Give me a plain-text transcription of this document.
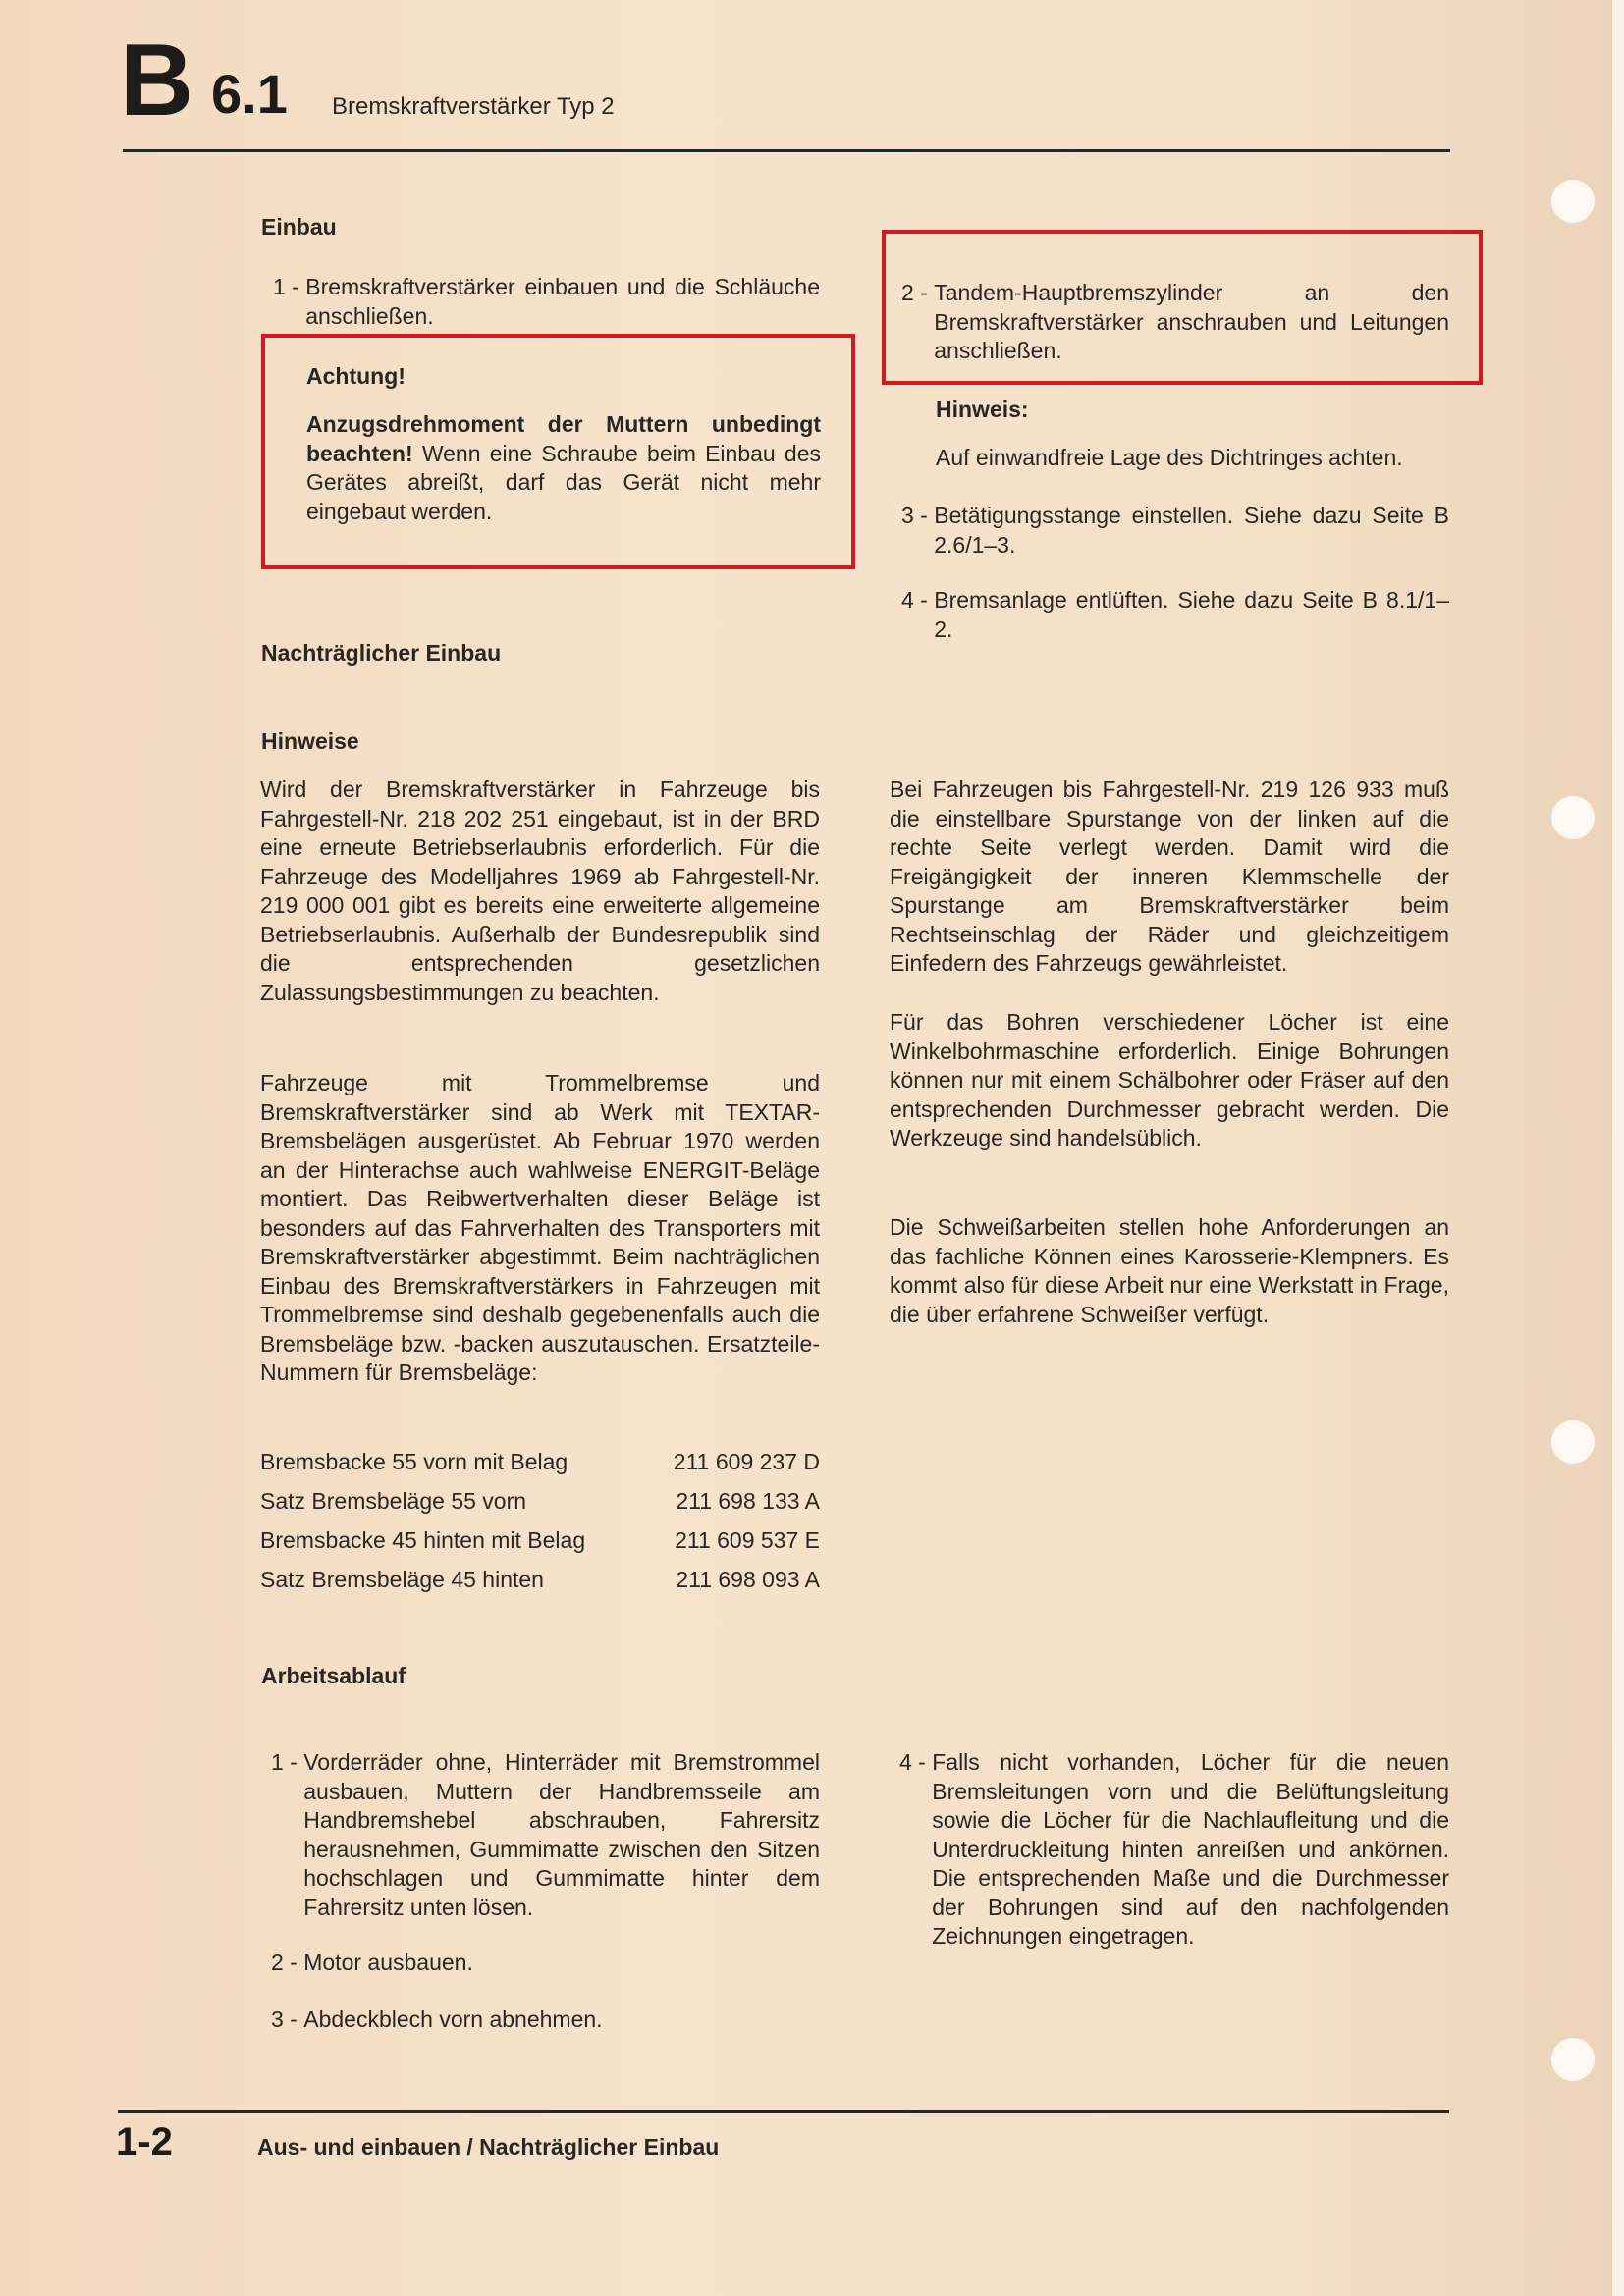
B 6.1 Bremskraftverstärker Typ 2
Einbau
1 - Bremskraftverstärker einbauen und die Schläuche anschließen.
Achtung!
Anzugsdrehmoment der Muttern unbedingt beachten! Wenn eine Schraube beim Einbau des Gerätes abreißt, darf das Gerät nicht mehr eingebaut werden.
2 - Tandem-Hauptbremszylinder an den Bremskraftverstärker anschrauben und Leitungen anschließen.
Hinweis:
Auf einwandfreie Lage des Dichtringes achten.
3 - Betätigungsstange einstellen. Siehe dazu Seite B 2.6/1–3.
4 - Bremsanlage entlüften. Siehe dazu Seite B 8.1/1–2.
Nachträglicher Einbau
Hinweise
Wird der Bremskraftverstärker in Fahrzeuge bis Fahrgestell-Nr. 218 202 251 eingebaut, ist in der BRD eine erneute Betriebserlaubnis erforderlich. Für die Fahrzeuge des Modelljahres 1969 ab Fahrgestell-Nr. 219 000 001 gibt es bereits eine erweiterte allgemeine Betriebserlaubnis. Außerhalb der Bundesrepublik sind die entsprechenden gesetzlichen Zulassungsbestimmungen zu beachten.
Fahrzeuge mit Trommelbremse und Bremskraftverstärker sind ab Werk mit TEXTAR-Bremsbelägen ausgerüstet. Ab Februar 1970 werden an der Hinterachse auch wahlweise ENERGIT-Beläge montiert. Das Reibwertverhalten dieser Beläge ist besonders auf das Fahrverhalten des Transporters mit Bremskraftverstärker abgestimmt. Beim nachträglichen Einbau des Bremskraftverstärkers in Fahrzeugen mit Trommelbremse sind deshalb gegebenenfalls auch die Bremsbeläge bzw. -backen auszutauschen. Ersatzteile-Nummern für Bremsbeläge:
Bremsbacke 55 vorn mit Belag	211 609 237 D
Satz Bremsbeläge 55 vorn	211 698 133 A
Bremsbacke 45 hinten mit Belag	211 609 537 E
Satz Bremsbeläge 45 hinten	211 698 093 A
Bei Fahrzeugen bis Fahrgestell-Nr. 219 126 933 muß die einstellbare Spurstange von der linken auf die rechte Seite verlegt werden. Damit wird die Freigängigkeit der inneren Klemmschelle der Spurstange am Bremskraftverstärker beim Rechtseinschlag der Räder und gleichzeitigem Einfedern des Fahrzeugs gewährleistet.
Für das Bohren verschiedener Löcher ist eine Winkelbohrmaschine erforderlich. Einige Bohrungen können nur mit einem Schälbohrer oder Fräser auf den entsprechenden Durchmesser gebracht werden. Die Werkzeuge sind handelsüblich.
Die Schweißarbeiten stellen hohe Anforderungen an das fachliche Können eines Karosserie-Klempners. Es kommt also für diese Arbeit nur eine Werkstatt in Frage, die über erfahrene Schweißer verfügt.
Arbeitsablauf
1 - Vorderräder ohne, Hinterräder mit Bremstrommel ausbauen, Muttern der Handbremsseile am Handbremshebel abschrauben, Fahrersitz herausnehmen, Gummimatte zwischen den Sitzen hochschlagen und Gummimatte hinter dem Fahrersitz unten lösen.
2 - Motor ausbauen.
3 - Abdeckblech vorn abnehmen.
4 - Falls nicht vorhanden, Löcher für die neuen Bremsleitungen vorn und die Belüftungsleitung sowie die Löcher für die Nachlaufleitung und die Unterdruckleitung hinten anreißen und ankörnen. Die entsprechenden Maße und die Durchmesser der Bohrungen sind auf den nachfolgenden Zeichnungen eingetragen.
1-2	Aus- und einbauen / Nachträglicher Einbau
